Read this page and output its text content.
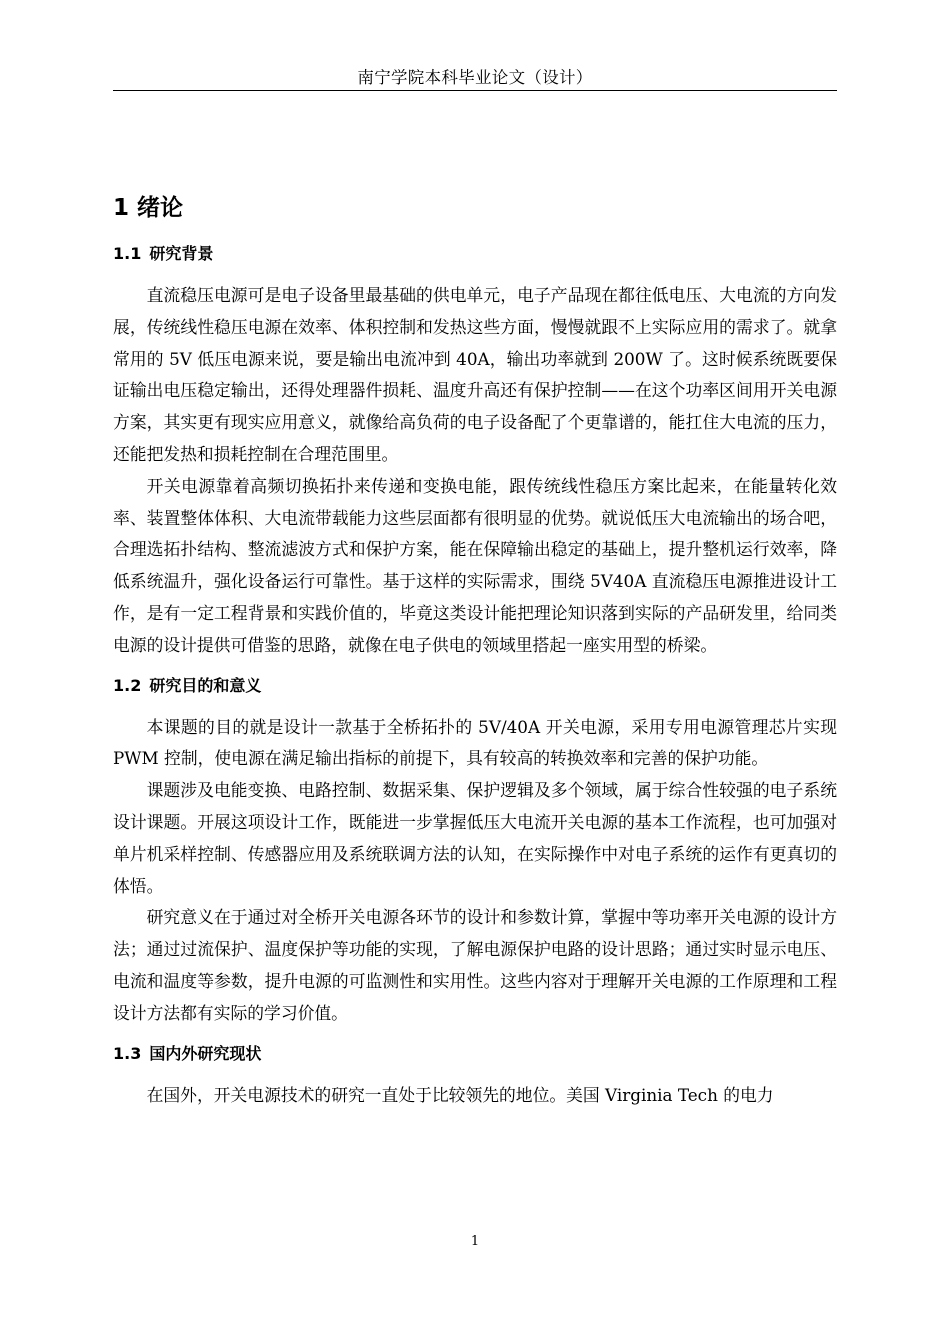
南宁学院本科毕业论文（设计）
1 绪论
1.1 研究背景

直流稳压电源可是电子设备里最基础的供电单元，电子产品现在都往低电压、大电流的方向发展，传统线性稳压电源在效率、体积控制和发热这些方面，慢慢就跟不上实际应用的需求了。就拿常用的 5V 低压电源来说，要是输出电流冲到 40A，输出功率就到 200W 了。这时候系统既要保证输出电压稳定输出，还得处理器件损耗、温度升高还有保护控制——在这个功率区间用开关电源方案，其实更有现实应用意义，就像给高负荷的电子设备配了个更靠谱的，能扛住大电流的压力，还能把发热和损耗控制在合理范围里。

开关电源靠着高频切换拓扑来传递和变换电能，跟传统线性稳压方案比起来，在能量转化效率、装置整体体积、大电流带载能力这些层面都有很明显的优势。就说低压大电流输出的场合吧，合理选拓扑结构、整流滤波方式和保护方案，能在保障输出稳定的基础上，提升整机运行效率，降低系统温升，强化设备运行可靠性。基于这样的实际需求，围绕 5V40A 直流稳压电源推进设计工作，是有一定工程背景和实践价值的，毕竟这类设计能把理论知识落到实际的产品研发里，给同类电源的设计提供可借鉴的思路，就像在电子供电的领域里搭起一座实用型的桥梁。

1.2 研究目的和意义

本课题的目的就是设计一款基于全桥拓扑的 5V/40A 开关电源，采用专用电源管理芯片实现 PWM 控制，使电源在满足输出指标的前提下，具有较高的转换效率和完善的保护功能。

课题涉及电能变换、电路控制、数据采集、保护逻辑及多个领域，属于综合性较强的电子系统设计课题。开展这项设计工作，既能进一步掌握低压大电流开关电源的基本工作流程，也可加强对单片机采样控制、传感器应用及系统联调方法的认知，在实际操作中对电子系统的运作有更真切的体悟。

研究意义在于通过对全桥开关电源各环节的设计和参数计算，掌握中等功率开关电源的设计方法；通过过流保护、温度保护等功能的实现，了解电源保护电路的设计思路；通过实时显示电压、电流和温度等参数，提升电源的可监测性和实用性。这些内容对于理解开关电源的工作原理和工程设计方法都有实际的学习价值。

1.3 国内外研究现状

在国外，开关电源技术的研究一直处于比较领先的地位。美国 Virginia Tech 的电力

1
